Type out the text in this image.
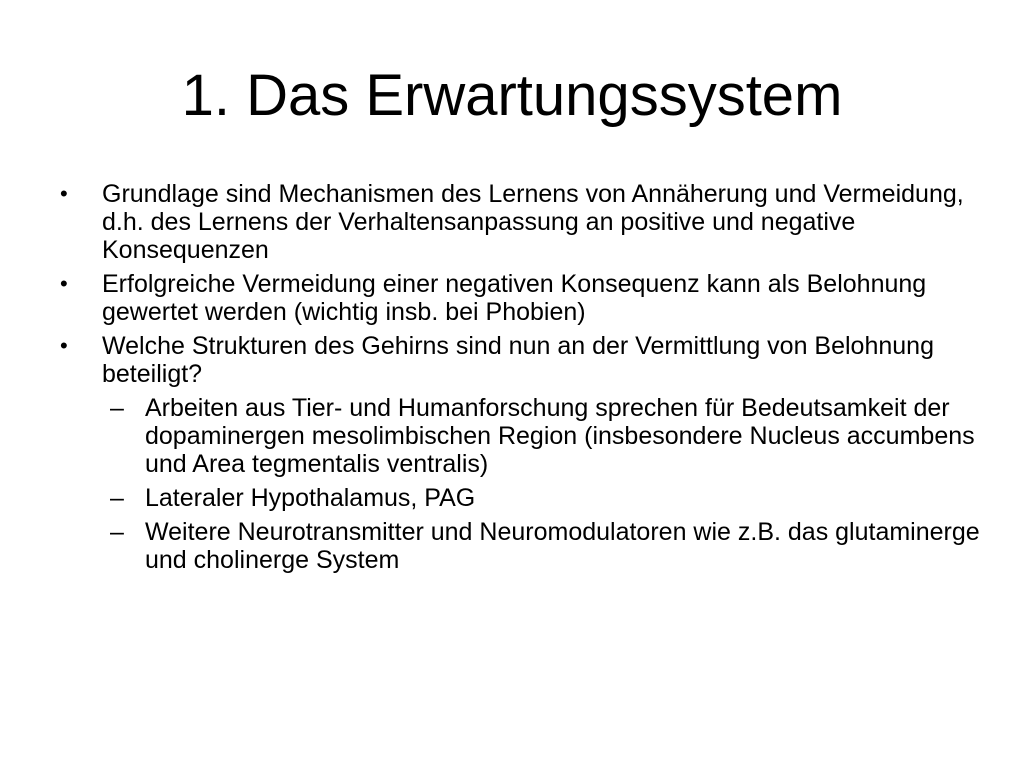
1. Das Erwartungssystem
•	Grundlage sind Mechanismen des Lernens von Annäherung und Vermeidung, d.h. des Lernens der Verhaltensanpassung an positive und negative Konsequenzen
•	Erfolgreiche Vermeidung einer negativen Konsequenz kann als Belohnung gewertet werden (wichtig insb. bei Phobien)
•	Welche Strukturen des Gehirns sind nun an der Vermittlung von Belohnung beteiligt?
– Arbeiten aus Tier- und Humanforschung sprechen für Bedeutsamkeit der dopaminergen mesolimbischen Region (insbesondere Nucleus accumbens und Area tegmentalis ventralis)
– Lateraler Hypothalamus, PAG
– Weitere Neurotransmitter und Neuromodulatoren wie z.B. das glutaminerge und cholinerge System
